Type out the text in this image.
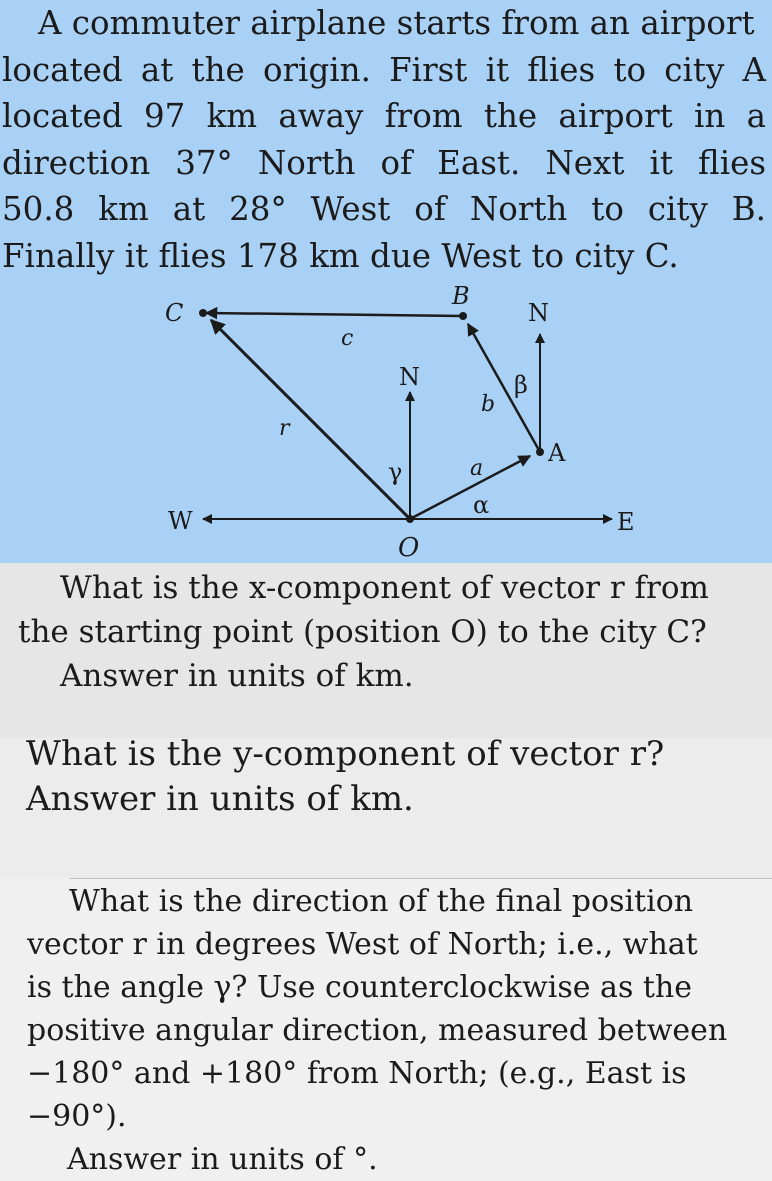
A commuter airplane starts from an airport
located at the origin. First it flies to city A
located 97 km away from the airport in a
direction 37° North of East. Next it flies
50.8 km at 28° West of North to city B.
Finally it flies 178 km due West to city C.
C
B
A
O
N
N
W	E
c
r
b
a
α
β
γ
What is the x-component of vector r from
the starting point (position O) to the city C?
Answer in units of km.
What is the y-component of vector r?
Answer in units of km.
What is the direction of the final position
vector r in degrees West of North; i.e., what
is the angle γ? Use counterclockwise as the
positive angular direction, measured between
−180° and +180° from North; (e.g., East is
−90°).
Answer in units of °.
